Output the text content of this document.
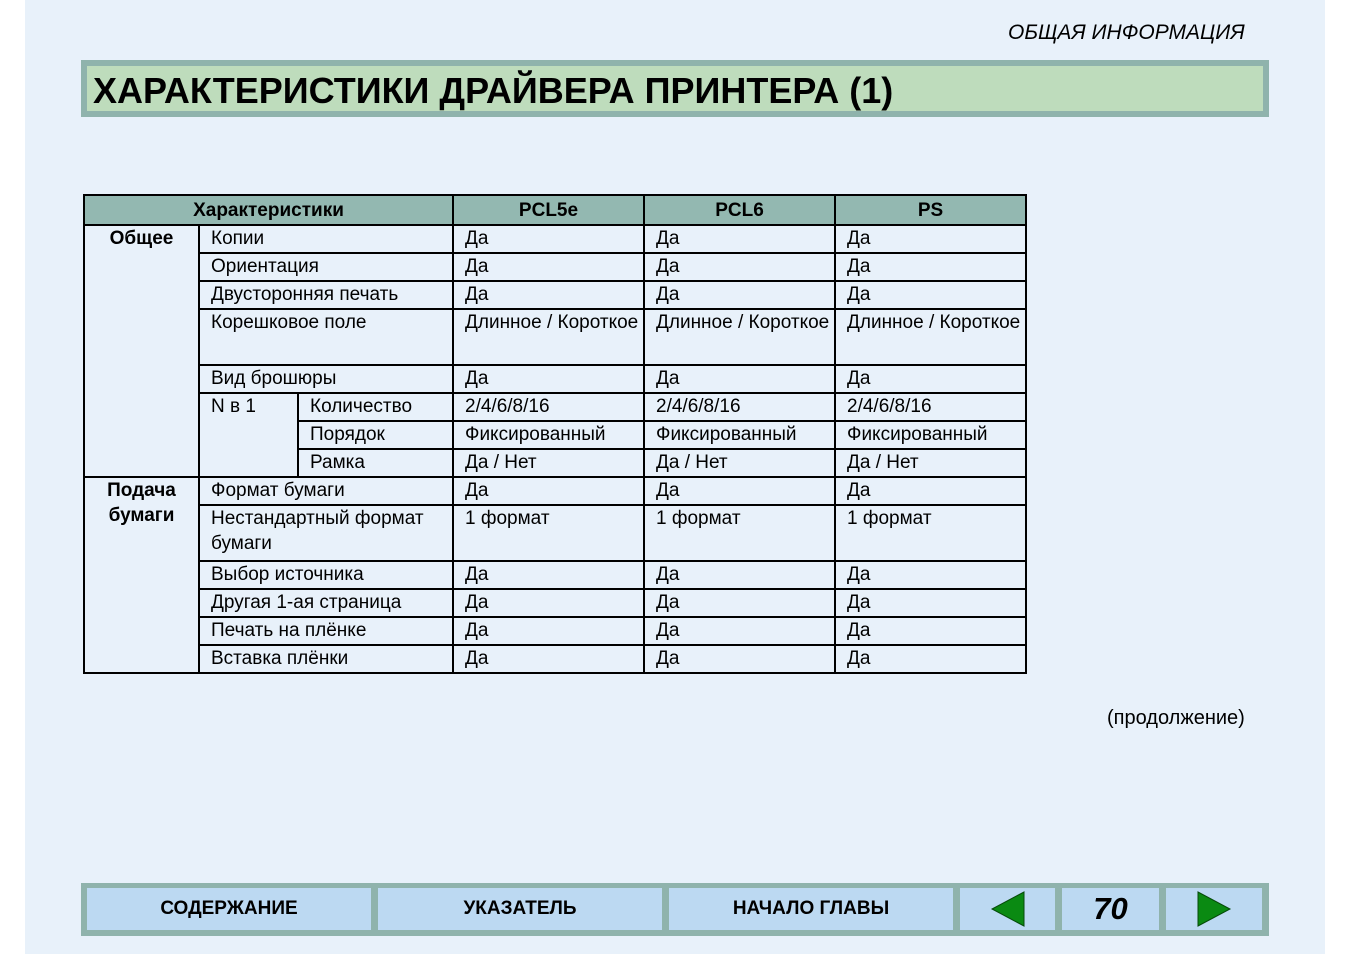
ОБЩАЯ ИНФОРМАЦИЯ
ХАРАКТЕРИСТИКИ ДРАЙВЕРА ПРИНТЕРА (1)
Характеристики			PCL5e	PCL6	PS
Общее	Копии		Да	Да	Да
	Ориентация		Да	Да	Да
	Двусторонняя печать		Да	Да	Да
	Корешковое поле		Длинное / Короткое	Длинное / Короткое	Длинное / Короткое
	Вид брошюры		Да	Да	Да
	N в 1	Количество	2/4/6/8/16	2/4/6/8/16	2/4/6/8/16
		Порядок	Фиксированный	Фиксированный	Фиксированный
		Рамка	Да / Нет	Да / Нет	Да / Нет
Подача бумаги	Формат бумаги		Да	Да	Да
	Нестандартный формат бумаги		1 формат	1 формат	1 формат
	Выбор источника		Да	Да	Да
	Другая 1-ая страница		Да	Да	Да
	Печать на плёнке		Да	Да	Да
	Вставка плёнки		Да	Да	Да
(продолжение)
СОДЕРЖАНИЕ	УКАЗАТЕЛЬ	НАЧАЛО ГЛАВЫ	70
